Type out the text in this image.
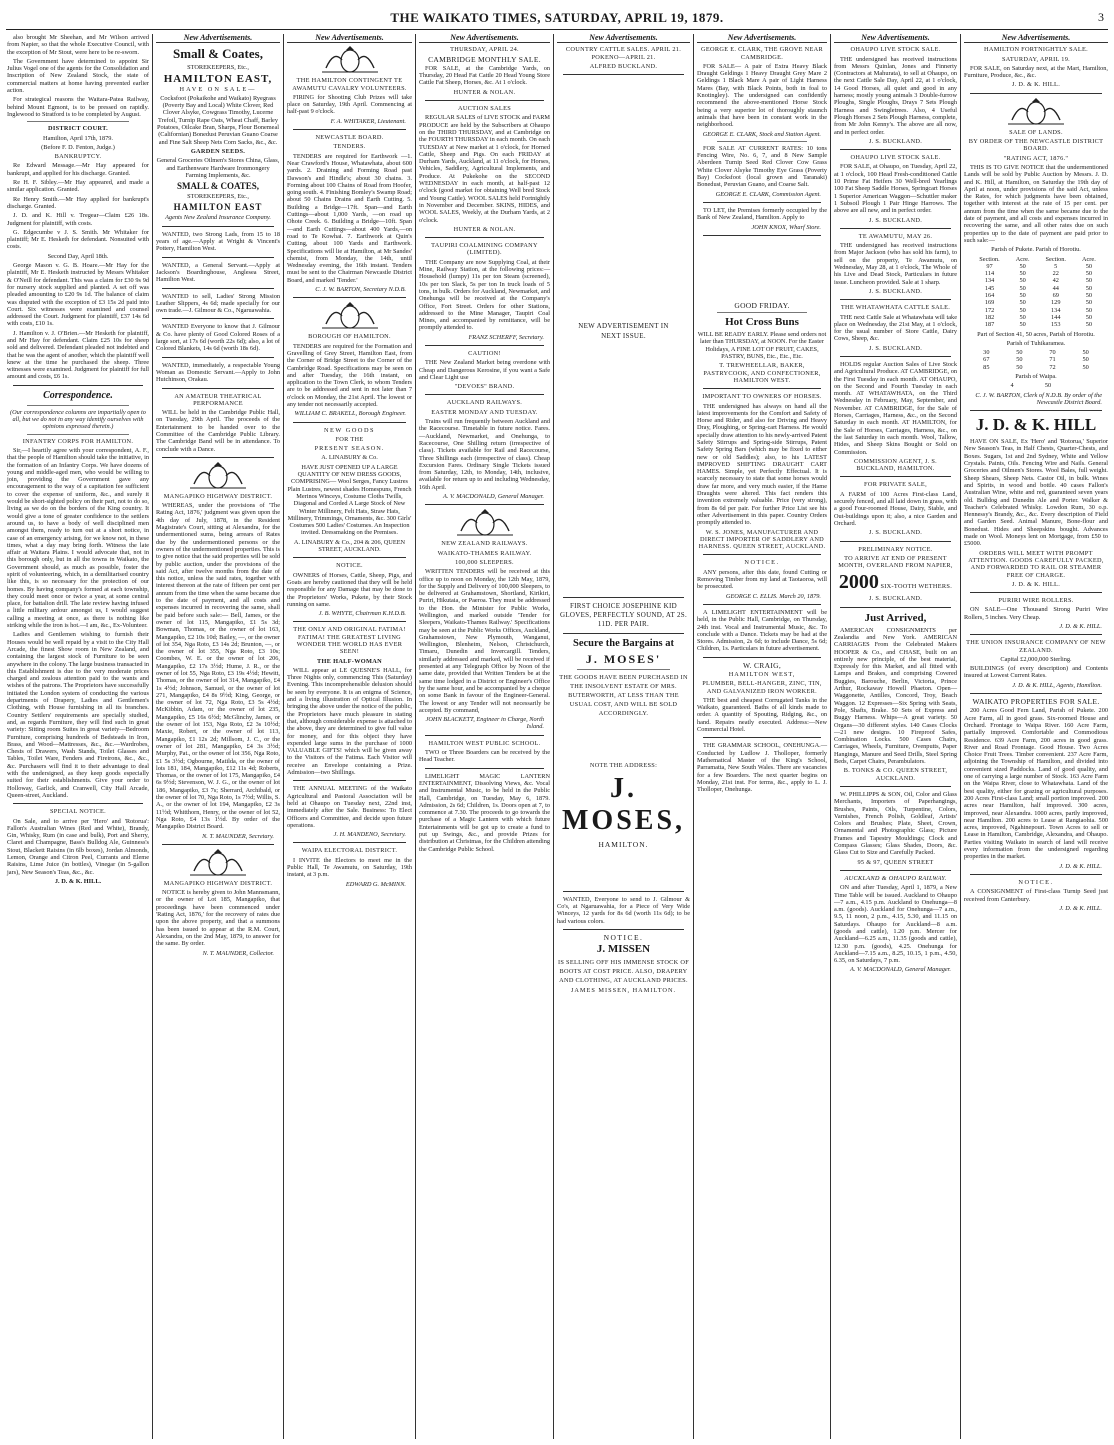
THE WAIKATO TIMES, SATURDAY, APRIL 19, 1879.	3

also brought Mr Sheehan, and Mr Wilson arrived from Napier, so that the whole Executive Council, with the exception of Mr Stout, were here to be re-sworn.

The Government have determined to appoint Sir Julius Vogel one of the agents for the Consolidation and Inscription of New Zealand Stock, the state of commercial matters at home having prevented earlier action.

For strategical reasons the Waitara-Patea Railway, behind Mount Egmont, is to be pressed on rapidly. Inglewood to Stratford is to be completed by August.

DISTRICT COURT.

Hamilton, April 17th, 1879.

(Before F. D. Fenton, Judge.)

BANKRUPTCY.

Re Edward Message.—Mr Hay appeared for bankrupt, and applied for his discharge. Granted.

Re H. F. Sibley.—Mr Hay appeared, and made a similar application. Granted.

Re Henry Smith.—Mr Hay applied for bankrupt's discharge. Granted.

J. D. and K. Hill v. Tregear—Claim £26 18s. Judgment for plaintiff, with costs.

G. Edgecumbe v J. S. Smith. Mr Whitaker for plaintiff; Mr E. Hesketh for defendant. Nonsuited with costs.

Second Day, April 18th.

George Mason v. G. B. Hoare.—Mr Hay for the plaintiff, Mr E. Hesketh instructed by Messrs Whitaker & O'Neill for defendant. This was a claim for £30 9s 9d for nursery stock supplied and planted. A set off was pleaded amounting to £20 9s 1d. The balance of claim was disputed with the exception of £3 15s 2d paid into Court. Six witnesses were examined and counsel addressed the Court. Judgment for plaintiff, £37 14s 6d with costs, £10 1s.

J. Hamilton v. J. O'Brien.—Mr Hesketh for plaintiff, and Mr Hay for defendant. Claim £25 10s for sheep sold and delivered. Defendant pleaded not indebted and that he was the agent of another, which the plaintiff well knew at the time he purchased the sheep. Three witnesses were examined. Judgment for plaintiff for full amount and costs, £6 1s.

Correspondence.

(Our correspondence columns are impartially open to all, but we do not in any way identify ourselves with opinions expressed therein.)

INFANTRY CORPS FOR HAMILTON.

Sir,—I heartily agree with your correspondent, A. F., that the people of Hamilton should take the initiative, in the formation of an Infantry Corps. We have dozens of young and middle-aged men, who would be willing to join, providing the Government gave any encouragement to the way of a capitation fee sufficient to cover the expense of uniform, &c., and surely it would be short-sighted policy on their part, not to do so, living as we do on the borders of the King country. It would give a tone of greater confidence to the settlers around us, to have a body of well disciplined men amongst them, ready to turn out at a short notice, in case of an emergency arising, for we know not, in these times, what a day may bring forth. Witness the late affair at Waitara Plains. I would advocate that, not in this borough only, but in all the towns in Waikato, the Government should, as much as possible, foster the spirit of volunteering, which, in a demilitarised country like this, is so necessary for the protection of our homes. By having company's formed at each township, they could meet once or twice a year, at some central place, for battalion drill. The late review having infused a little military ardour amongst us, I would suggest calling a meeting at once, as there is nothing like striking while the iron is hot.—I am, &c., Ex-Volunteer.

Ladies and Gentlemen wishing to furnish their Houses would be well repaid by a visit to the City Hall Arcade, the finest Show room in New Zealand, and containing the largest stock of Furniture to be seen anywhere in the colony. The large business transacted in this Establishment is due to the very moderate prices charged and zealous attention paid to the wants and wishes of the patrons. The Proprietors have successfully initiated the London system of conducting the various departments of Drapery, Ladies and Gentlemen's Clothing, with House furnishing in all its branches. Country Settlers' requirements are specially studied, and, as regards Furniture, they will find such in great variety: Sitting room Suites in great variety—Bedroom Furniture, comprising hundreds of Bedsteads in Iron, Brass, and Wood—Mattresses, &c., &c.—Wardrobes, Chests of Drawers, Wash Stands, Toilet Glasses and Tables, Toilet Ware, Fenders and Fireirons, &c., &c., &c. Purchasers will find it to their advantage to deal with the undersigned, as they keep goods especially suited for their establishments. Give your order to Holloway, Garlick, and Cranwell, City Hall Arcade, Queen-street, Auckland.

SPECIAL NOTICE.

On Sale, and to arrive per 'Hero' and 'Rotorua': Fallon's Australian Wines (Red and White), Brandy, Gin, Whisky, Rum (in case and bulk), Port and Sherry, Claret and Champagne, Bass's Bulldog Ale, Guinness's Stout, Blackett Raisins (in 6lb boxes), Jordan Almonds, Lemon, Orange and Citron Peel, Currants and Eleme Raisins, Lime Juice (in bottles), Vinegar (in 5-gallon jars), New Season's Teas, &c., &c.

J. D. & K. HILL.

New Advertisements.

Small & Coates,

STOREKEEPERS, Etc.,

HAMILTON EAST,

HAVE ON SALE—

Cocksfoot (Pokaikohe and Waikato) Ryegrass (Poverty Bay and Local) White Clover, Red Clover Alsyke, Cowgrass Timothy, Lucerne Trefoil, Turnip Rape Oats, Wheat Chaff, Barley Potatoes, Oilcake Bran, Sharps, Flour Bonemeal (Californian) Bonedust Peruvian Guano Coarse and Fine Salt Sheep Nets Corn Sacks, &c., &c.

GARDEN SEEDS.

General Groceries Oilmen's Stores China, Glass, and Earthenware Hardware Ironmongery Farming Implements, &c.

SMALL & COATES,

STOREKEEPERS, Etc.,

HAMILTON EAST

Agents New Zealand Insurance Company.

WANTED, two Strong Lads, from 15 to 18 years of age.—Apply at Wright & Vincent's Pottery, Hamilton West.

WANTED, a General Servant.—Apply at Jackson's Boardinghouse, Anglesea Street, Hamilton West.

WANTED to sell, Ladies' Strong Mission Leather Slippers, 4s 6d; made specially for our own trade.—J. Gilmour & Co., Ngaruawahia.

WANTED Everyone to know that J. Gilmour & Co. have plenty of Good Colored Roses of a large sort, at 17s 6d (worth 22s 6d); also, a lot of Colored Blankets, 14s 6d (worth 18s 6d).

WANTED, immediately, a respectable Young Woman as Domestic Servant.—Apply to John Hutchinson, Orakau.

AN AMATEUR THEATRICAL PERFORMANCE

WILL be held in the Cambridge Public Hall, on Tuesday, 29th April. The proceeds of the Entertainment to be handed over to the Committee of the Cambridge Public Library. The Cambridge Band will be in attendance. To conclude with a Dance.

MANGAPIKO HIGHWAY DISTRICT.

WHEREAS, under the provisions of 'The Rating Act, 1876,' judgment was given upon the 4th day of July, 1878, in the Resident Magistrate's Court, sitting at Alexandra, for the undermentioned sums, being arrears of Rates due by the undermentioned persons or the owners of the undermentioned properties. This is to give notice that the said properties will be sold by public auction, under the provisions of the said Act, after twelve months from the date of this notice, unless the said rates, together with interest thereon at the rate of fifteen per cent per annum from the time when the same became due to the date of payment, and all costs and expenses incurred in recovering the same, shall be paid before such sale:— Bell, James, or the owner of lot 115, Mangapiko, £1 5s 3d; Bowman, Thomas, or the owner of lot 163, Mangapiko, £2 10s 10d; Bailey, —, or the owner of lot 354, Nga Roto, £3 14s 2d; Brunton, —, or the owner of lot 355, Nga Roto, £3 10s; Coombes, W. E. or the owner of lot 206, Mangapiko, £2 17s 3½d; Hume, J. R., or the owner of lot 55, Nga Roto, £3 19s 4½d; Hewitt, Thomas, or the owner of lot 314, Mangapiko, £4 1s 4½d; Johnson, Samuel, or the owner of lot 271, Mangapiko, £4 8s 9½d; King, George, or the owner of lot 72, Nga Roto, £3 5s 4½d; McKibbin, Adam, or the owner of lot 235, Mangapiko, £5 16s 6½d; McGlinchy, James, or the owner of lot 153, Nga Roto, £2 3s 10½d; Maxie, Robert, or the owner of lot 113, Mangapiko, £1 12s 2d; Millsom, J. C., or the owner of lot 281, Mangapiko, £4 3s 3½d; Murphy, Pat., or the owner of lot 356, Nga Roto, £1 5s 3½d; Ogbourne, Matilda, or the owner of lots 181, 184, Mangapiko, £12 11s 4d; Roberts, Thomas, or the owner of lot 175, Mangapiko, £4 6s 9½d; Stevenson, W. J. G., or the owner of lot 186, Mangapiko, £3 7s; Sherrard, Archibald, or the owner of lot 70, Nga Roto, 1s 7½d; Willis, S. A., or the owner of lot 194, Mangapiko, £2 3s 11½d; Whitthorn, Henry, or the owner of lot 52, Nga Roto, £4 13s 1½d. By order of the Mangapiko District Board.

N. T. MAUNDER, Secretary.

MANGAPIKO HIGHWAY DISTRICT.

NOTICE is hereby given to John Mannsmann, or the owner of Lot 185, Mangapiko, that proceedings have been commenced under 'Rating Act, 1876,' for the recovery of rates due upon the above property, and that a summons has been issued to appear at the R.M. Court, Alexandra, on the 2nd May, 1879, to answer for the same. By order.

N. T. MAUNDER, Collector.

New Advertisements.

THE HAMILTON CONTINGENT TE AWAMUTU CAVALRY VOLUNTEERS.

FIRING for Shooting Club Prizes will take place on Saturday, 19th April. Commencing at half-past 9 o'clock.

F. A. WHITAKER, Lieutenant.

NEWCASTLE BOARD.

TENDERS.

TENDERS are required for Earthwork —1. Near Crawford's House, Whatawhata, about 600 yards. 2. Draining and Forming Road past Dawson's and Hindle's; about 30 chains. 3. Forming about 100 Chains of Road from Hoofer, going south. 4. Finishing Bomley's Swamp Road; about 50 Chains Drains and Earth Cutting. 5. Building a Bridge—17ft. Span—and Earth Cuttings—about 1,000 Yards, —on road up Ohote Creek. 6. Building a Bridge—10ft. Span—and Earth Cuttings—about 400 Yards,—on road to Te Kowhai. 7. Earthwork at Quin's Cutting, about 100 Yards and Earthwork. Specifications will lie at Hamilton, at Mr Sandes' chemist, from Monday, the 14th, until Wednesday evening, the 16th instant. Tenders must be sent to the Chairman Newcastle District Board, and marked 'Tender.'

C. J. W. BARTON, Secretary N.D.B.

BOROUGH OF HAMILTON.

TENDERS are required for the Formation and Gravelling of Grey Street, Hamilton East, from the Corner of Bridge Street to the Corner of the Cambridge Road. Specifications may be seen on and after Tuesday, the 16th instant, on application to the Town Clerk, to whom Tenders are to be addressed and sent in not later than 7 o'clock on Monday, the 21st April. The lowest or any tender not necessarily accepted.

WILLIAM C. BRAKELL, Borough Engineer.

NEW GOODS

FOR THE

PRESENT SEASON.

A. LINABURY & Co.

HAVE JUST OPENED UP A LARGE QUANTITY OF NEW DRESS GOODS, COMPRISING— Wool Serges, Fancy Lustres Plain Lustres, newest shades Homespuns, French Merinos Winceys, Costume Cloths Twills, Diagonal and Corded A Large Stock of New Winter Millinery, Felt Hats, Straw Hats, Millinery, Trimmings, Ornaments, &c. 300 Girls' Costumes 500 Ladies' Costumes. An Inspection invited. Dressmaking on the Premises.

A. LINABURY & Co., 204 & 206, QUEEN STREET, AUCKLAND.

NOTICE.

OWNERS of Horses, Cattle, Sheep, Pigs, and Goats are hereby cautioned that they will be held responsible for any Damage that may be done to the Proprietors' Works, Pukete, by their Stock running on same.

J. B. WHYTE, Chairman K.H.D.B.

THE ONLY AND ORIGINAL FATIMA! FATIMA! THE GREATEST LIVING WONDER THE WORLD HAS EVER SEEN!

THE HALF-WOMAN

WILL appear at LE QUESNE'S HALL, for Three Nights only, commencing This (Saturday) Evening. This incomprehensible delusion should be seen by everyone. It is an enigma of Science, and a living illustration of Optical Illusion. In bringing the above under the notice of the public, the Proprietors have much pleasure in stating that, although considerable expense is attached to the above, they are determined to give full value for money, and for this object they have expended large sums in the purchase of 1000 VALUABLE GIFTS! which will be given away to the Visitors of the Fatima. Each Visitor will receive an Envelope containing a Prize. Admission—two Shillings.

THE ANNUAL MEETING of the Waikato Agricultural and Pastoral Association will be held at Ohaupo on Tuesday next, 22nd inst, immediately after the Sale. Business: To Elect Officers and Committee, and decide upon future operations.

J. H. MANDENO, Secretary.

WAIPA ELECTORAL DISTRICT.

I INVITE the Electors to meet me in the Public Hall, Te Awamutu, on Saturday, 19th instant, at 3 p.m.

EDWARD G. McMINN.

New Advertisements.

THURSDAY, APRIL 24.

CAMBRIDGE MONTHLY SALE.

FOR SALE, at the Cambridge Yards, on Thursday, 20 Head Fat Cattle 20 Head Young Store Cattle Fat Sheep, Horses, &c. At 1 o'clock.

HUNTER & NOLAN.

AUCTION SALES

REGULAR SALES of LIVE STOCK and FARM PRODUCE are held by the Subscribers at Ohaupo on the THIRD THURSDAY, and at Cambridge on the FOURTH THURSDAY in each month. On each TUESDAY at New market at 1 o'clock, for Horned Cattle, Sheep and Pigs. On each FRIDAY at Durham Yards, Auckland, at 11 o'clock, for Horses, Vehicles, Saddlery, Agricultural Implements, and Produce. At Pukekohe on the SECOND WEDNESDAY in each month, at half-past 12 o'clock (good market for obtaining Well bred Stock and Young Cattle). WOOL SALES held Fortnightly in November and December. SKINS, HIDES, and WOOL SALES, Weekly, at the Durham Yards, at 2 o'clock.

HUNTER & NOLAN.

TAUPIRI COALMINING COMPANY (LIMITED).

THE Company are now Supplying Coal, at their Mine, Railway Station, at the following prices:— Household (lumpy) 11s per ton Steam (screened), 10s per ton Slack, 5s per ton In truck loads of 5 tons, in bulk. Orders for Auckland, Newmarket, and Onehunga will be received at the Company's Office, Fort Street. Orders for other Stations, addressed to the Mine Manager, Taupiri Coal Mines, and accompanied by remittance, will be promptly attended to.

FRANZ SCHERFF, Secretary.

CAUTION!

THE New Zealand Market being overdone with Cheap and Dangerous Kerosine, if you want a Safe and Clear Light use

"DEVOES" BRAND.

AUCKLAND RAILWAYS.

EASTER MONDAY AND TUESDAY.

Trains will run frequently between Auckland and the Racecourse. Timetable in future notice. Fares.—Auckland, Newmarket, and Onehunga, to Racecourse, One Shilling return (irrespective of class). Tickets available for Rail and Racecourse, Three Shillings each (irrespective of class). Cheap Excursion Fares. Ordinary Single Tickets issued from Saturday, 12th, to Monday, 14th, inclusive, available for return up to and including Wednesday, 16th April.

A. V. MACDONALD, General Manager.

NEW ZEALAND RAILWAYS.

WAIKATO-THAMES RAILWAY.

100,000 SLEEPERS.

WRITTEN TENDERS will be received at this office up to noon on Monday, the 12th May, 1879, for the Supply and Delivery of 100,000 Sleepers, to be delivered at Grahamstown, Shortland, Kirikiri, Puriri, Hikutaia, or Paeroa. They must be addressed to the Hon. the Minister for Public Works, Wellington, and marked outside 'Tender for Sleepers, Waikato-Thames Railway.' Specifications may be seen at the Public Works Offices, Auckland, Grahamstown, New Plymouth, Wanganui, Wellington, Blenheim, Nelson, Christchurch, Timaru, Dunedin and Invercargill. Tenders, similarly addressed and marked, will be received if presented at any Telegraph Office by Noon of the same date, provided that Written Tenders be at the same time lodged in a District or Engineer's Office by the same hour, and be accompanied by a cheque on some Bank in favour of the Engineer-General. The lowest or any Tender will not necessarily be accepted. By command,

JOHN BLACKETT, Engineer in Charge, North Island.

HAMILTON WEST PUBLIC SCHOOL.

TWO or Three Boarders can be received by the Head Teacher.

LIMELIGHT MAGIC LANTERN ENTERTAINMENT, Dissolving Views, &c. Vocal and Instrumental Music, to be held in the Public Hall, Cambridge, on Tuesday, May 6, 1879. Admission, 2s 6d; Children, 1s. Doors open at 7, to commence at 7.30. The proceeds to go towards the purchase of a Magic Lantern with which future Entertainments will be got up to create a fund to put up Swings, &c., and provide Prizes for distribution at Christmas, for the Children attending the Cambridge Public School.

New Advertisements.

COUNTRY CATTLE SALES. APRIL 21. POKENO—APRIL 21.

ALFRED BUCKLAND.

NEW ADVERTISEMENT IN NEXT ISSUE.

FIRST CHOICE JOSEPHINE KID GLOVES, PERFECTLY SOUND, AT 2S. 11D. PER PAIR.

Secure the Bargains at

J. MOSES'

THE GOODS HAVE BEEN PURCHASED IN THE INSOLVENT ESTATE OF MRS. BUTERWORTH, AT LESS THAN THE USUAL COST, AND WILL BE SOLD ACCORDINGLY.

NOTE THE ADDRESS:

J. MOSES,

HAMILTON.

WANTED, Everyone to send to J. Gilmour & Co's, at Ngaruawahia, for a Piece of Very Wide Winceys, 12 yards for 8s 6d (worth 11s 6d); to be had various colors.

NOTICE.

J. MISSEN

IS SELLING OFF HIS IMMENSE STOCK OF BOOTS AT COST PRICE. ALSO, DRAPERY AND CLOTHING, AT AUCKLAND PRICES.

JAMES MISSEN, HAMILTON.

New Advertisements.

GEORGE E. CLARK, THE GROVE NEAR CAMBRIDGE.

FOR SALE— A pair of Extra Heavy Black Draught Geldings 1 Heavy Draught Grey Mare 2 Geldings 1 Black Mare A pair of Light Harness Mares (Bay, with Black Points, both in foal to Knotingley). The undersigned can confidently recommend the above-mentioned Horse Stock being a very superior lot of thoroughly staunch animals that have been in constant work in the neighborhood.

GEORGE E. CLARK, Stock and Station Agent.

FOR SALE AT CURRENT RATES: 10 tons Fencing Wire, No. 6, 7, and 8 New Sample Aberdeen Turnip Seed Red Clover Cow Grass White Clover Alsyke Timothy Eye Grass (Poverty Bay) Cocksfoot (local grown and Taranaki) Bonedust, Peruvian Guano, and Coarse Salt.

GEORGE E. CLARK, Commission Agent.

TO LET, the Premises formerly occupied by the Bank of New Zealand, Hamilton. Apply to

JOHN KNOX, Wharf Store.

GOOD FRIDAY.

Hot Cross Buns

WILL BE READY EARLY. Please send orders not later than THURSDAY, at NOON. For the Easter Holidays, A FINE LOT OF FRUIT, CAKES, PASTRY, BUNS, Etc., Etc., Etc.

T. TREWHEELLAR, BAKER, PASTRYCOOK, AND CONFECTIONER, HAMILTON WEST.

IMPORTANT TO OWNERS OF HORSES.

THE undersigned has always on hand all the latest improvements for the Comfort and Safety of Horse and Rider, and also for Driving and Heavy Dray, Ploughing, or Spring-cart Harness. He would specially draw attention to his newly-arrived Patent Safety Stirrups and Spring-side Stirrups, Patent Safety Spring Bars (which may be fixed to either new or old Saddles); also, to his LATEST IMPROVED SHIFTING DRAUGHT CART HAMES. Simple, yet Perfectly Effectual. It is scarcely necessary to state that some horses would draw far more, and very much easier, if the Hame Draughts were altered. This fact renders this invention extremely valuable. Price (very strong), from 8s 6d per pair. For further Price List see his other Advertisement in this paper. Country Orders promptly attended to.

W. S. JONES, MANUFACTURER AND DIRECT IMPORTER OF SADDLERY AND HARNESS. QUEEN STREET, AUCKLAND.

NOTICE.

ANY persons, after this date, found Cutting or Removing Timber from my land at Taotaoroa, will be prosecuted.

GEORGE C. ELLIS. March 20, 1879.

A LIMELIGHT ENTERTAINMENT will be held, in the Public Hall, Cambridge, on Thursday, 24th inst. Vocal and Instrumental Music, &c. To conclude with a Dance. Tickets may be had at the Stores. Admission, 2s 6d; to include Dance, 5s 6d; Children, 1s. Particulars in future advertisement.

W. CRAIG,

HAMILTON WEST,

PLUMBER, BELL-HANGER, ZINC, TIN, AND GALVANIZED IRON WORKER.

THE best and cheapest Corrugated Tanks in the Waikato, guaranteed. Baths of all kinds made to order. A quantity of Spouting, Ridging, &c., on hand. Repairs neatly executed. Address:—New Commercial Hotel.

THE GRAMMAR SCHOOL, ONEHUNGA.—Conducted by Ludlow J. Tholloper, formerly Mathematical Master of the King's School, Parramatta, New South Wales. There are vacancies for a few Boarders. The next quarter begins on Monday, 21st inst. For terms, &c., apply to L. J. Tholloper, Onehunga.

New Advertisements.

OHAUPO LIVE STOCK SALE.

THE undersigned has received instructions from Messrs Quinlan, Jones and Finnerty (Contractors at Mahurata), to sell at Ohaupo, on the next Cattle Sale Day, April 22, at 1 o'clock, 14 Good Horses, all quiet and good in any harness; mostly young animals 3 Double-furrow Ploughs, Single Ploughs, Drays 7 Sets Plough Harness and Swingletrees. Also, 4 Useful Plough Horses 2 Sets Plough Harness, complete, from Mr John Kenny's. The above are all now, and in perfect order.

J. S. BUCKLAND.

OHAUPO LIVE STOCK SALE.

FOR SALE, at Ohaupo, on Tuesday, April 22, at 1 o'clock, 100 Head Fresh-conditioned Cattle 10 Prime Fat Heifers 30 Well-bred Yearlings 100 Fat Sheep Saddle Horses, Springcart Horses 1 Superior American Waggon—Schuttler maker 1 Subsoil Plough 1 Pair Hinge Harrows. The above are all new, and in perfect order.

J. S. BUCKLAND.

TE AWAMUTU, MAY 26.

THE undersigned has received instructions from Major Jackson (who has sold his farm), to sell on the property, Te Awamutu, on Wednesday, May 28, at 1 o'clock, The Whole of his Live and Dead Stock, Particulars in future issue. Luncheon provided. Sale at 1 sharp.

J. S. BUCKLAND.

THE WHATAWHATA CATTLE SALE.

THE next Cattle Sale at Whatawhata will take place on Wednesday, the 21st May, at 1 o'clock, for the usual number of Store Cattle, Dairy Cows, Sheep, &c.

J. S. BUCKLAND.

HOLDS regular Auction Sales of Live Stock and Agricultural Produce. AT CAMBRIDGE, on the First Tuesday in each month. AT OHAUPO, on the Second and Fourth Tuesday in each month. AT WHATAWHATA, on the Third Wednesday in February, May, September, and November. AT CAMBRIDGE, for the Sale of Horses, Carriages, Harness, &c., on the Second Saturday in each month. AT HAMILTON, for the Sale of Horses, Carriages, Harness, &c., on the last Saturday in each month. Wool, Tallow, Hides, and Sheep Skins Bought or Sold on Commission.

COMMISSION AGENT, J. S. BUCKLAND, HAMILTON.

FOR PRIVATE SALE,

A FARM of 100 Acres First-class Land, securely fenced, and all laid down in grass, with a good Four-roomed House, Dairy, Stable, and Out-buildings upon it; also, a nice Garden and Orchard.

J. S. BUCKLAND.

PRELIMINARY NOTICE.

TO ARRIVE AT END OF PRESENT MONTH, OVERLAND FROM NAPIER,

2000 SIX-TOOTH WETHERS.

J. S. BUCKLAND.

Just Arrived,

AMERICAN CONSIGNMENTS per Zealandia and New York. AMERICAN CARRIAGES From the Celebrated Makers HOOPER & Co., and CHASE, built on an entirely new principle, of the best material, Expressly for this Market, and all fitted with Lamps and Brakes, and comprising Covered Buggies, Barouche, Berlin, Victoria, Prince Arthur, Rockaway Howell Phaeton. Open—Waggonette, Antilles, Concord, Troy, Beach Waggon. 12 Expresses—Six Spring with Seats, Pole, Shafts, Brake. 50 Sets of Express and Buggy Harness. Whips—A great variety. 50 Organs—30 different styles. 140 Cases Clocks—21 new designs. 10 Fireproof Safes, Combination Locks. 500 Cases Chairs, Carriages, Wheels, Furniture, Ovenputts, Paper Hangings, Manure and Seed Drills, Steel Spring Beds, Carpet Chairs, Perambulators.

B. TONKS & CO. QUEEN STREET, AUCKLAND.

W. PHILLIPPS & SON, Oil, Color and Glass Merchants, Importers of Paperhangings, Brushes, Paints, Oils, Turpentine, Colors, Varnishes, French Polish, Goldleaf, Artists' Colors and Brushes; Plate, Sheet, Crown, Ornamental and Photographic Glass; Picture Frames and Tapestry Mouldings; Clock and Compass Glasses; Glass Shades, Doors, &c. Glass Cut to Size and Carefully Packed.

95 & 97, QUEEN STREET

AUCKLAND & OHAUPO RAILWAY.

ON and after Tuesday, April 1, 1879, a New Time Table will be issued. Auckland to Ohaupo—7 a.m., 4.15 p.m. Auckland to Onehunga—8 a.m. (goods). Auckland for Onehunga—7 a.m., 9.5, 11 noon, 2 p.m., 4.15, 5.30, and 11.15 on Saturdays. Ohaupo for Auckland—8 a.m. (goods and cattle), 1.20 p.m. Mercer for Auckland—6.25 a.m., 11.35 (goods and cattle), 12.30 p.m. (goods), 4.25. Onehunga for Auckland—7.15 a.m., 8.25, 10.15, 1 p.m., 4.50, 6.35, on Saturdays, 7 p.m.

A. V. MACDONALD, General Manager.

New Advertisements.

HAMILTON FORTNIGHTLY SALE.

SATURDAY, APRIL 19.

FOR SALE, on Saturday next, at the Mart, Hamilton, Furniture, Produce, &c., &c.

J. D. & K. HILL.

SALE OF LANDS.

BY ORDER OF THE NEWCASTLE DISTRICT BOARD.

"RATING ACT, 1876."

THIS IS TO GIVE NOTICE that the undermentioned Lands will be sold by Public Auction by Messrs. J. D. and K. Hill, at Hamilton, on Saturday the 19th day of April at noon, under provisions of the said Act, unless the Rates, for which judgments have been obtained, together with interest at the rate of 15 per cent. per annum from the time when the same became due to the date of payment, and all costs and expenses incurred in recovering the same, and all other rates due on such properties up to the date of payment are paid prior to such sale:—

Parish of Pukete. Parish of Horotiu.

Section.	Acre.	Section.	Acre.
97	50	5	50
114	50	22	50
134	50	42	50
145	50	44	50
164	50	69	50
169	50	129	50
172	50	134	50
182	50	144	50
187	50	153	50

Part of Section 41, 50 acres, Parish of Horotiu.

Parish of Tuhikaramea.

30	50	70	50
67	50	71	50
85	50	72	50

Parish of Waipa.

4	50

C. J. W. BARTON, Clerk of N.D.B. By order of the Newcastle District Board.

J. D. & K. HILL

HAVE ON SALE, Ex 'Hero' and 'Rotorua,' Superior New Season's Teas, in Half Chests, Quarter-Chests, and Boxes. Sugars, 1st and 2nd Sydney, White and Yellow Crystals. Paints, Oils. Fencing Wire and Nails. General Groceries and Oilmen's Stores. Wool Bales, full weight. Sheep Shears, Sheep Nets. Castor Oil, in bulk. Wines and Spirits, in wood and bottle. 40 cases Fallon's Australian Wine, white and red, guaranteed seven years old. Bulldog and Dunedin Ale and Porter. Walker & Teacher's Celebrated Whisky. Lowdon Rum, 30 o.p. Hennessy's Brandy, &c., &c. Every description of Field and Garden Seed. Animal Manure, Bone-flour and Bonedust. Hides and Sheepskins bought. Advances made on Wool. Moneys lent on Mortgage, from £50 to £5000.

ORDERS WILL MEET WITH PROMPT ATTENTION. GOODS CAREFULLY PACKED, AND FORWARDED TO RAIL OR STEAMER FREE OF CHARGE.

J. D. & K. HILL.

PURIRI WIRE ROLLERS.

ON SALE—One Thousand Strong Puriri Wire Rollers, 5 inches. Very Cheap.

J. D. & K. HILL.

THE UNION INSURANCE COMPANY OF NEW ZEALAND.

Capital £2,000,000 Sterling.

BUILDINGS (of every description) and Contents insured at Lowest Current Rates.

J. D. & K. HILL, Agents, Hamilton.

WAIKATO PROPERTIES FOR SALE.

200 Acres Good Fern Land, Parish of Pukete. 200 Acre Farm, all in good grass. Six-roomed House and Orchard. Frontage to Waipa River. 160 Acre Farm, partially improved. Comfortable and Commodious Residence. 639 Acre Farm, 200 acres in good grass. River and Road Frontage. Good House. Two Acres Choice Fruit Trees. Timber convenient. 237 Acre Farm, adjoining the Township of Hamilton, and divided into convenient sized Paddocks. Land of good quality, and one of carrying a large number of Stock. 163 Acre Farm on the Waipa River, close to Whatawhata. Land of the best quality, either for grazing or agricultural purposes. 200 Acres First-class Land; small portion improved. 200 acres near Hamilton, half improved. 300 acres, improved, near Alexandra. 1000 acres, partly improved, near Hamilton. 200 acres to Lease at Rangiaohia. 500 acres, improved, Ngahinepouri. Town Acres to sell or Lease in Hamilton, Cambridge, Alexandra, and Ohaupo. Parties visiting Waikato in search of land will receive every information from the undersigned regarding properties in the market.

J. D. & K. HILL.

NOTICE.

A CONSIGNMENT of First-class Turnip Seed just received from Canterbury.

J. D. & K. HILL.
